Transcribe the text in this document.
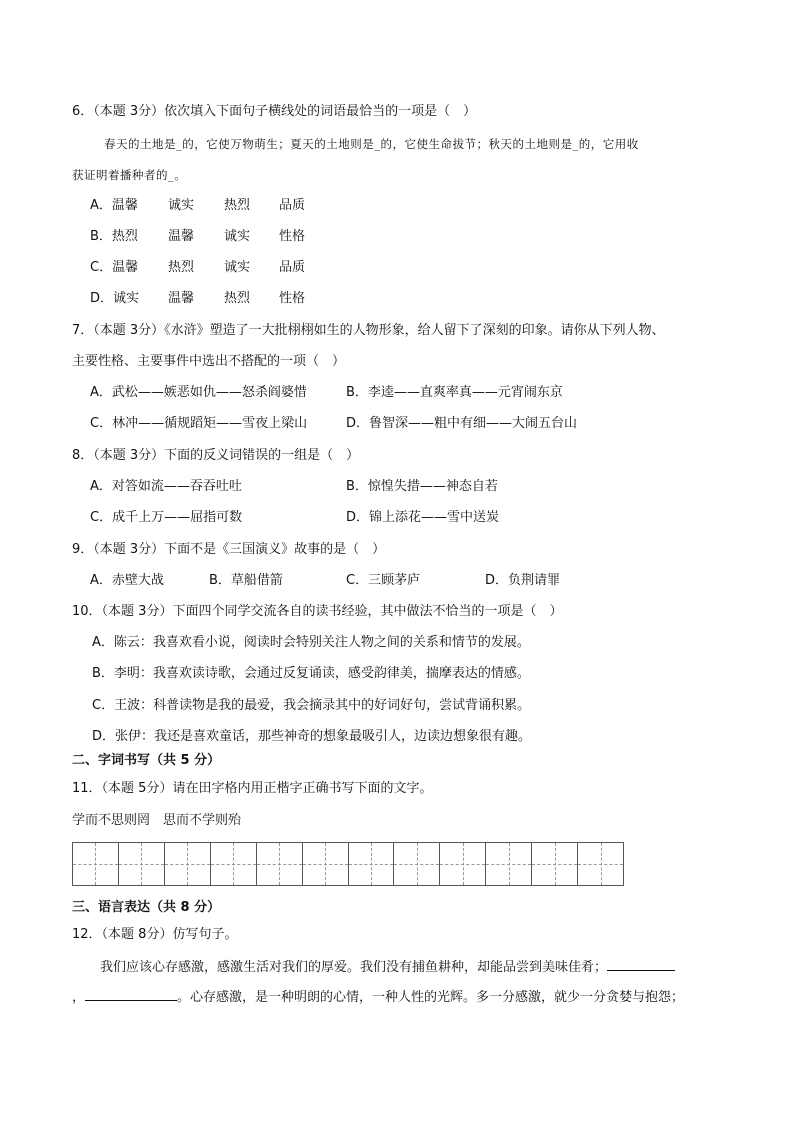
6．（本题 3分）依次填入下面句子横线处的词语最恰当的一项是（　）
春天的土地是_的，它使万物萌生；夏天的土地则是_的，它使生命拔节；秋天的土地则是_的，它用收
获证明着播种者的_。
A．温馨 诚实 热烈 品质
B．热烈 温馨 诚实 性格
C．温馨 热烈 诚实 品质
D．诚实 温馨 热烈 性格
7．（本题 3分）《水浒》塑造了一大批栩栩如生的人物形象，给人留下了深刻的印象。请你从下列人物、
主要性格、主要事件中选出不搭配的一项（　）
A．武松——嫉恶如仇——怒杀阎婆惜	B．李逵——直爽率真——元宵闹东京
C．林冲——循规蹈矩——雪夜上梁山	D．鲁智深——粗中有细——大闹五台山
8．（本题 3分）下面的反义词错误的一组是（　）
A．对答如流——吞吞吐吐	B．惊惶失措——神态自若
C．成千上万——屈指可数	D．锦上添花——雪中送炭
9．（本题 3分）下面不是《三国演义》故事的是（　）
A．赤壁大战	B．草船借箭	C．三顾茅庐	D．负荆请罪
10．（本题 3分）下面四个同学交流各自的读书经验，其中做法不恰当的一项是（　）
A．陈云：我喜欢看小说，阅读时会特别关注人物之间的关系和情节的发展。
B．李明：我喜欢读诗歌，会通过反复诵读，感受韵律美，揣摩表达的情感。
C．王波：科普读物是我的最爱，我会摘录其中的好词好句，尝试背诵积累。
D．张伊：我还是喜欢童话，那些神奇的想象最吸引人，边读边想象很有趣。
二、字词书写（共 5 分）
11．（本题 5分）请在田字格内用正楷字正确书写下面的文字。
学而不思则罔　思而不学则殆
三、语言表达（共 8 分）
12．（本题 8分）仿写句子。
我们应该心存感激，感激生活对我们的厚爱。我们没有捕鱼耕种，却能品尝到美味佳肴；
，	。心存感激，是一种明朗的心情，一种人性的光辉。多一分感激，就少一分贪婪与抱怨；
